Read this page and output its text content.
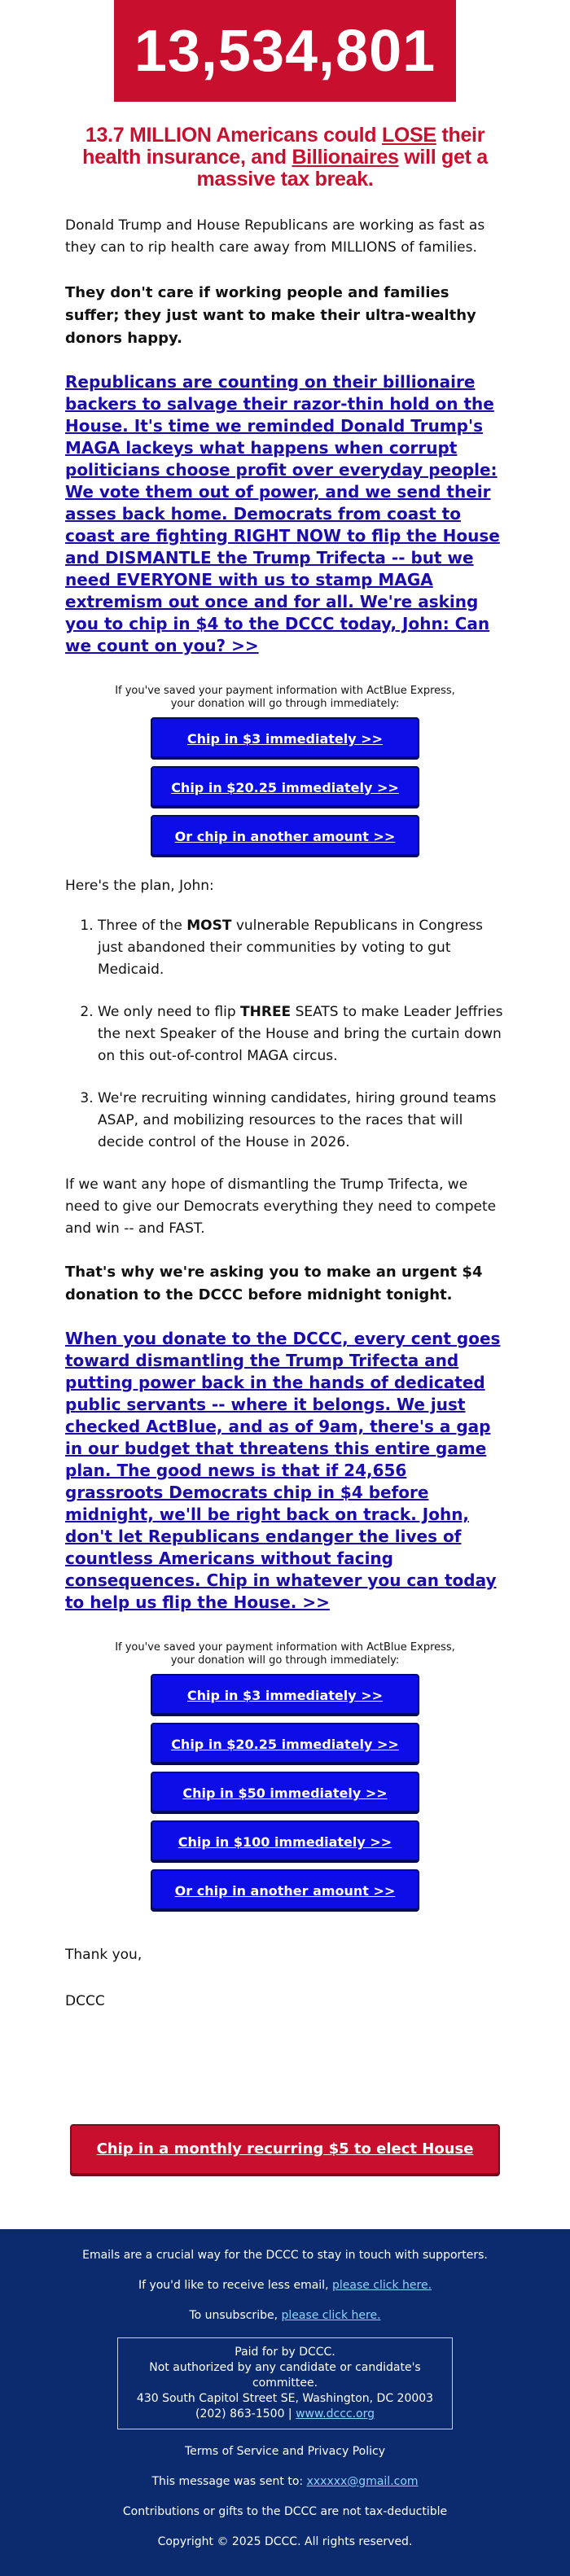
13,534,801
13.7 MILLION Americans could LOSE their health insurance, and Billionaires will get a massive tax break.

Donald Trump and House Republicans are working as fast as they can to rip health care away from MILLIONS of families.

They don't care if working people and families suffer; they just want to make their ultra-wealthy donors happy.

Republicans are counting on their billionaire backers to salvage their razor-thin hold on the House. It's time we reminded Donald Trump's MAGA lackeys what happens when corrupt politicians choose profit over everyday people: We vote them out of power, and we send their asses back home. Democrats from coast to coast are fighting RIGHT NOW to flip the House and DISMANTLE the Trump Trifecta -- but we need EVERYONE with us to stamp MAGA extremism out once and for all. We're asking you to chip in $4 to the DCCC today, John: Can we count on you? >>
If you've saved your payment information with ActBlue Express,
your donation will go through immediately:
Chip in $3 immediately >>
Chip in $20.25 immediately >>
Or chip in another amount >>

Here's the plan, John:

1. Three of the MOST vulnerable Republicans in Congress just abandoned their communities by voting to gut Medicaid.
2. We only need to flip THREE SEATS to make Leader Jeffries the next Speaker of the House and bring the curtain down on this out-of-control MAGA circus.
3. We're recruiting winning candidates, hiring ground teams ASAP, and mobilizing resources to the races that will decide control of the House in 2026.

If we want any hope of dismantling the Trump Trifecta, we need to give our Democrats everything they need to compete and win -- and FAST.

That's why we're asking you to make an urgent $4 donation to the DCCC before midnight tonight.

When you donate to the DCCC, every cent goes toward dismantling the Trump Trifecta and putting power back in the hands of dedicated public servants -- where it belongs. We just checked ActBlue, and as of 9am, there's a gap in our budget that threatens this entire game plan. The good news is that if 24,656 grassroots Democrats chip in $4 before midnight, we'll be right back on track. John, don't let Republicans endanger the lives of countless Americans without facing consequences. Chip in whatever you can today to help us flip the House. >>
If you've saved your payment information with ActBlue Express,
your donation will go through immediately:
Chip in $3 immediately >>
Chip in $20.25 immediately >>
Chip in $50 immediately >>
Chip in $100 immediately >>
Or chip in another amount >>

Thank you,

DCCC

Chip in a monthly recurring $5 to elect House Dems >>
Emails are a crucial way for the DCCC to stay in touch with supporters.
If you'd like to receive less email, please click here.
To unsubscribe, please click here.
Paid for by DCCC.
Not authorized by any candidate or candidate's committee.
430 South Capitol Street SE, Washington, DC 20003
(202) 863-1500 | www.dccc.org
Terms of Service and Privacy Policy
This message was sent to: xxxxxx@gmail.com
Contributions or gifts to the DCCC are not tax-deductible
Copyright © 2025 DCCC. All rights reserved.
